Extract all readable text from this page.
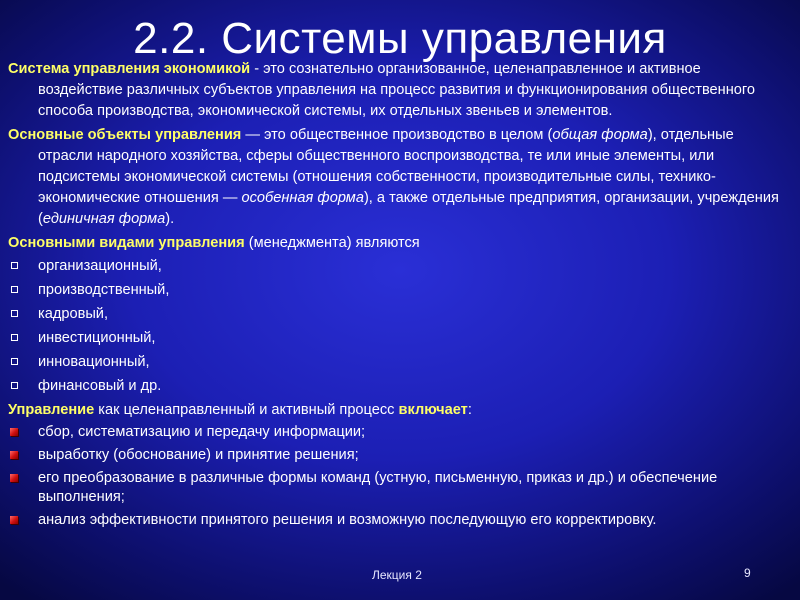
2.2. Системы управления

Система управления экономикой - это сознательно организованное, целенаправленное и активное воздействие различных субъектов управления на процесс развития и функционирования общественного способа производства, экономической системы, их отдельных звеньев и элементов.

Основные объекты управления — это общественное производство в целом (общая форма), отдельные отрасли народного хозяйства, сферы общественного воспроизводства, те или иные элементы, или подсистемы экономической системы (отношения собственности, производительные силы, технико-экономические отношения — особенная форма), а также отдельные предприятия, организации, учреждения (единичная форма).

Основными видами управления (менеджмента) являются

организационный,
производственный,
кадровый,
инвестиционный,
инновационный,
финансовый и др.

Управление как целенаправленный и активный процесс включает:

сбор, систематизацию и передачу информации;
выработку (обоснование) и принятие решения;
его преобразование в различные формы команд (устную, письменную, приказ и др.) и обеспечение выполнения;
анализ эффективности принятого решения и возможную последующую его корректировку.
Лекция 2	9
